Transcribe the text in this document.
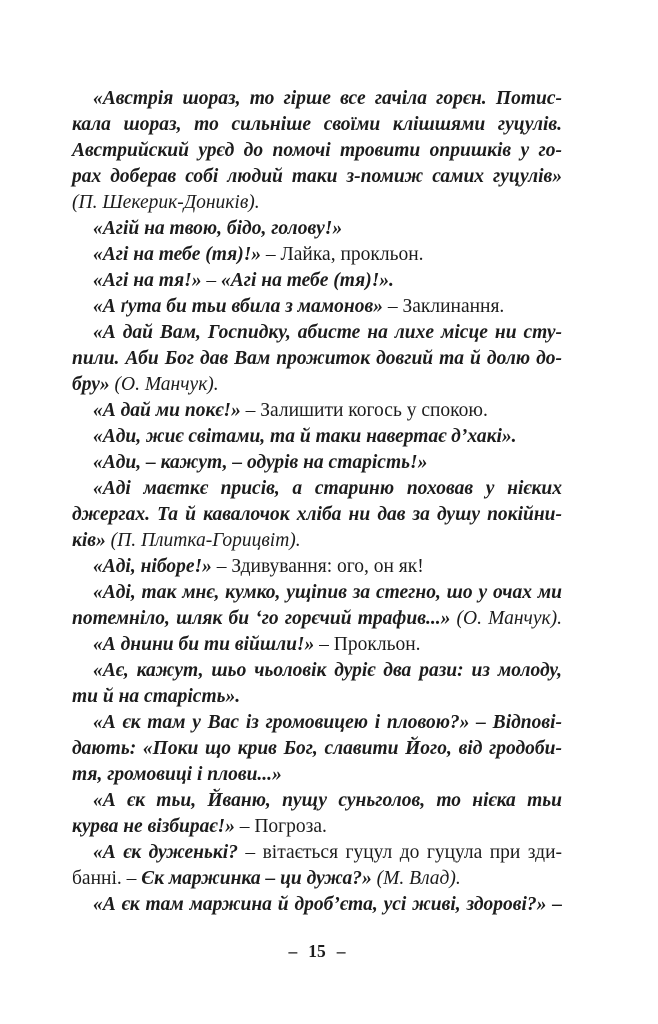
«Австрія шораз, то гірше все гачіла горєн. Потис-
кала шораз, то сильніше своїми клішшями гуцулів.
Австрийский урєд до помочі тровити опришків у го-
рах доберав собі людий таки з-помиж самих гуцулів»
(П. Шекерик-Доників).
«Агій на твою, бідо, голову!»
«Агі на тебе (тя)!» – Лайка, прокльон.
«Агі на тя!» – «Агі на тебе (тя)!».
«А ґута би тьи вбила з мамонов» – Заклинання.
«А дай Вам, Госпидку, абисте на лихе місце ни сту-
пили. Аби Бог дав Вам прожиток довгий та й долю до-
бру» (О. Манчук).
«А дай ми покє!» – Залишити когось у спокою.
«Ади, жиє світами, та й таки навертає д’хакі».
«Ади, – кажут, – одурів на старість!»
«Аді маєткє присів, а стариню поховав у нієких
джергах. Та й кавалочок хліба ни дав за душу покійни-
ків» (П. Плитка-Горицвіт).
«Аді, ніборе!» – Здивування: ого, он як!
«Аді, так мнє, кумко, ущіпив за стегно, шо у очах ми
потемніло, шляк би ‘го горєчий трафив...» (О. Манчук).
«А днини би ти війшли!» – Прокльон.
«Ає, кажут, шьо чьоловік дуріє два рази: из молоду,
ти й на старість».
«А єк там у Вас із громовицею і пловою?» – Відпові-
дають: «Поки що крив Бог, славити Його, від гродоби-
тя, громовиці і плови...»
«А єк тьи, Йваню, пущу суньголов, то нієка тьи
курва не візбирає!» – Погроза.
«А єк дуженькі? – вітається гуцул до гуцула при зди-
банні. – Єк маржинка – ци дужа?» (М. Влад).
«А єк там маржина й дроб’єта, усі живі, здорові?» –
– 15 –
